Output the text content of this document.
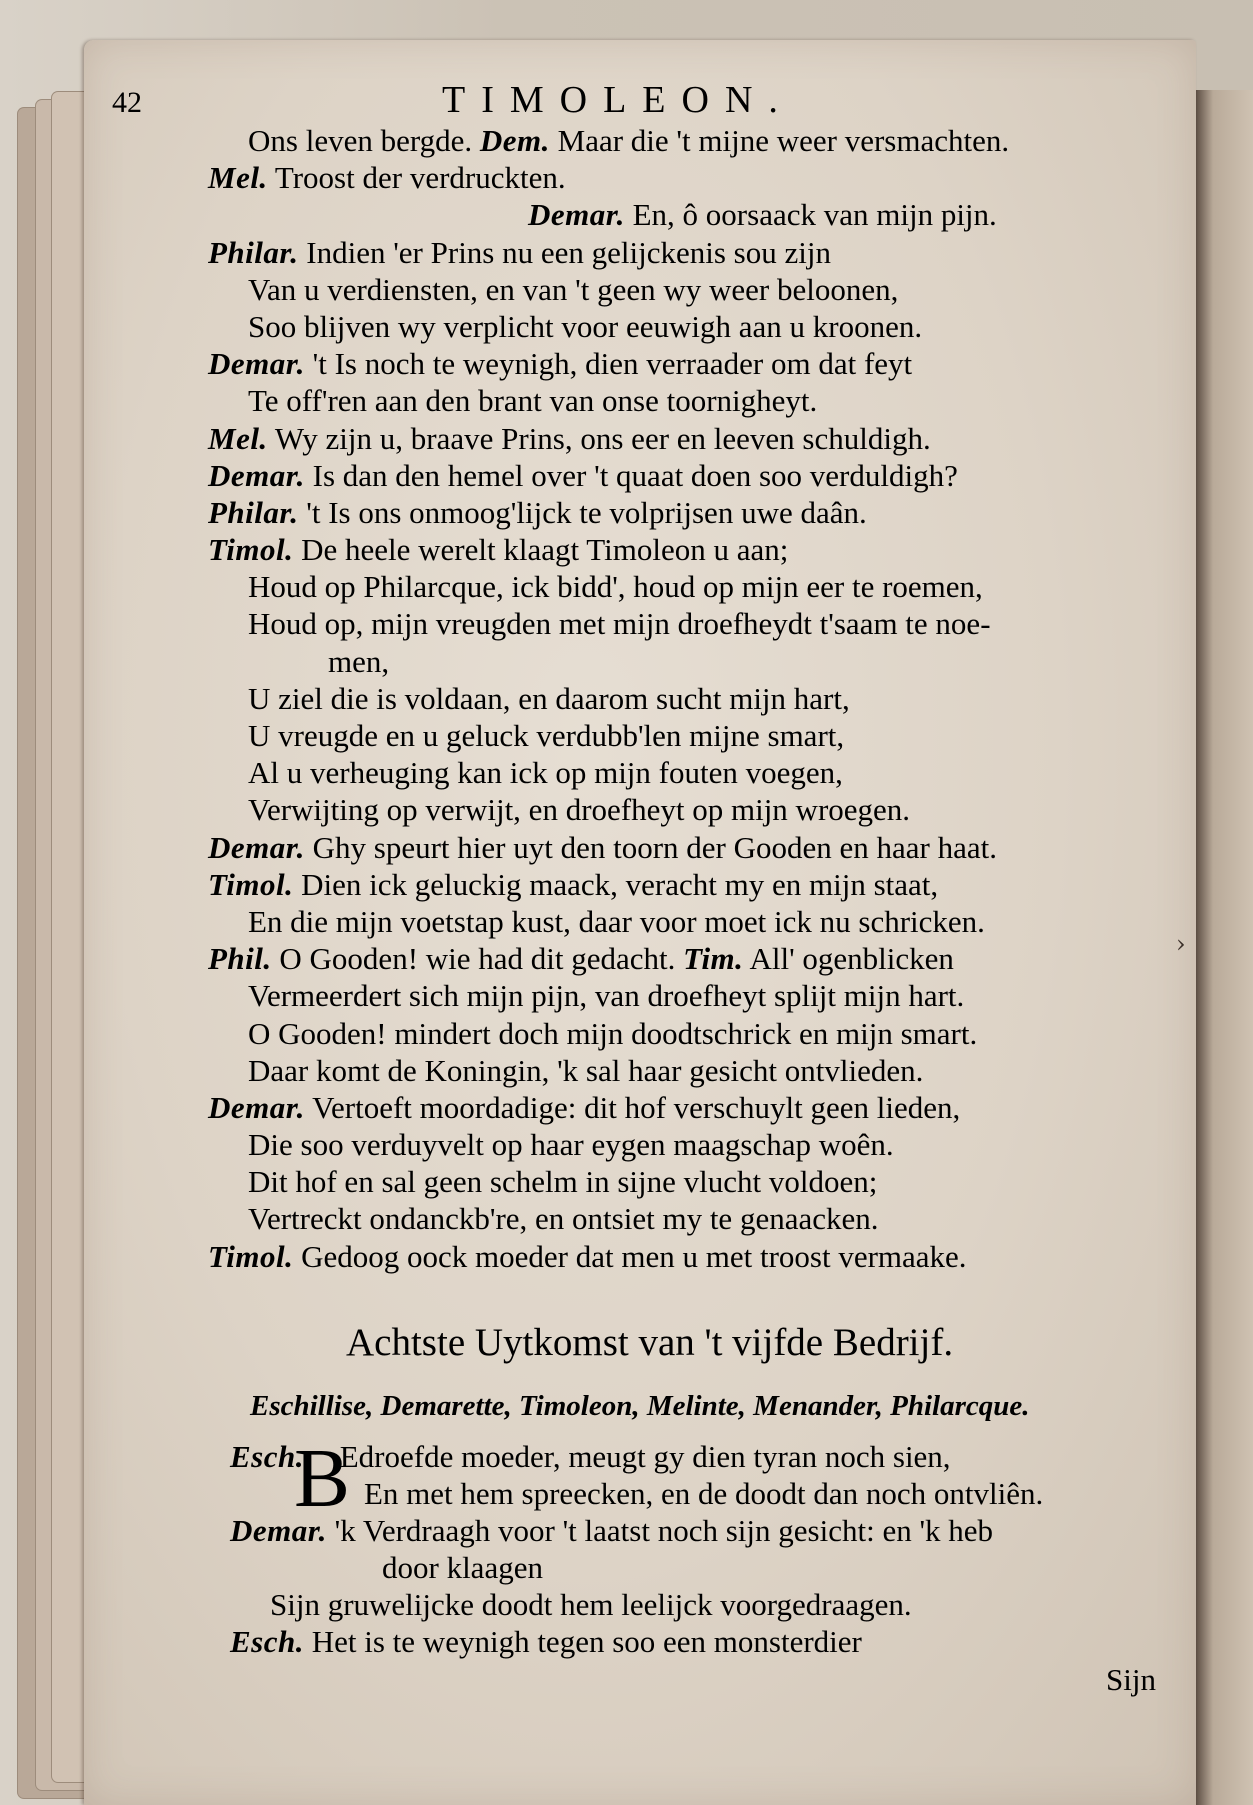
42	TIMOLEON.
Ons leven bergde. Dem. Maar die 't mijne weer versmachten.
Mel. Troost der verdruckten.
Demar. En, ô oorsaack van mijn pijn.
Philar. Indien 'er Prins nu een gelijckenis sou zijn
Van u verdiensten, en van 't geen wy weer beloonen,
Soo blijven wy verplicht voor eeuwigh aan u kroonen.
Demar. 't Is noch te weynigh, dien verraader om dat feyt
Te off'ren aan den brant van onse toornigheyt.
Mel. Wy zijn u, braave Prins, ons eer en leeven schuldigh.
Demar. Is dan den hemel over 't quaat doen soo verduldigh?
Philar. 't Is ons onmoog'lijck te volprijsen uwe daân.
Timol. De heele werelt klaagt Timoleon u aan;
Houd op Philarcque, ick bidd', houd op mijn eer te roemen,
Houd op, mijn vreugden met mijn droefheydt t'saam te noe-
men,
U ziel die is voldaan, en daarom sucht mijn hart,
U vreugde en u geluck verdubb'len mijne smart,
Al u verheuging kan ick op mijn fouten voegen,
Verwijting op verwijt, en droefheyt op mijn wroegen.
Demar. Ghy speurt hier uyt den toorn der Gooden en haar haat.
Timol. Dien ick geluckig maack, veracht my en mijn staat,
En die mijn voetstap kust, daar voor moet ick nu schricken.
Phil. O Gooden! wie had dit gedacht. Tim. All' ogenblicken
Vermeerdert sich mijn pijn, van droefheyt splijt mijn hart.
O Gooden! mindert doch mijn doodtschrick en mijn smart.
Daar komt de Koningin, 'k sal haar gesicht ontvlieden.
Demar. Vertoeft moordadige: dit hof verschuylt geen lieden,
Die soo verduyvelt op haar eygen maagschap woên.
Dit hof en sal geen schelm in sijne vlucht voldoen;
Vertreckt ondanckb're, en ontsiet my te genaacken.
Timol. Gedoog oock moeder dat men u met troost vermaake.
Achtste Uytkomst van 't vijfde Bedrijf.
Eschillise, Demarette, Timoleon, Melinte, Menander, Philarcque.
B
Esch. Edroefde moeder, meugt gy dien tyran noch sien,
En met hem spreecken, en de doodt dan noch ontvliên.
Demar. 'k Verdraagh voor 't laatst noch sijn gesicht: en 'k heb
door klaagen
Sijn gruwelijcke doodt hem leelijck voorgedraagen.
Esch. Het is te weynigh tegen soo een monsterdier
›
Sijn
